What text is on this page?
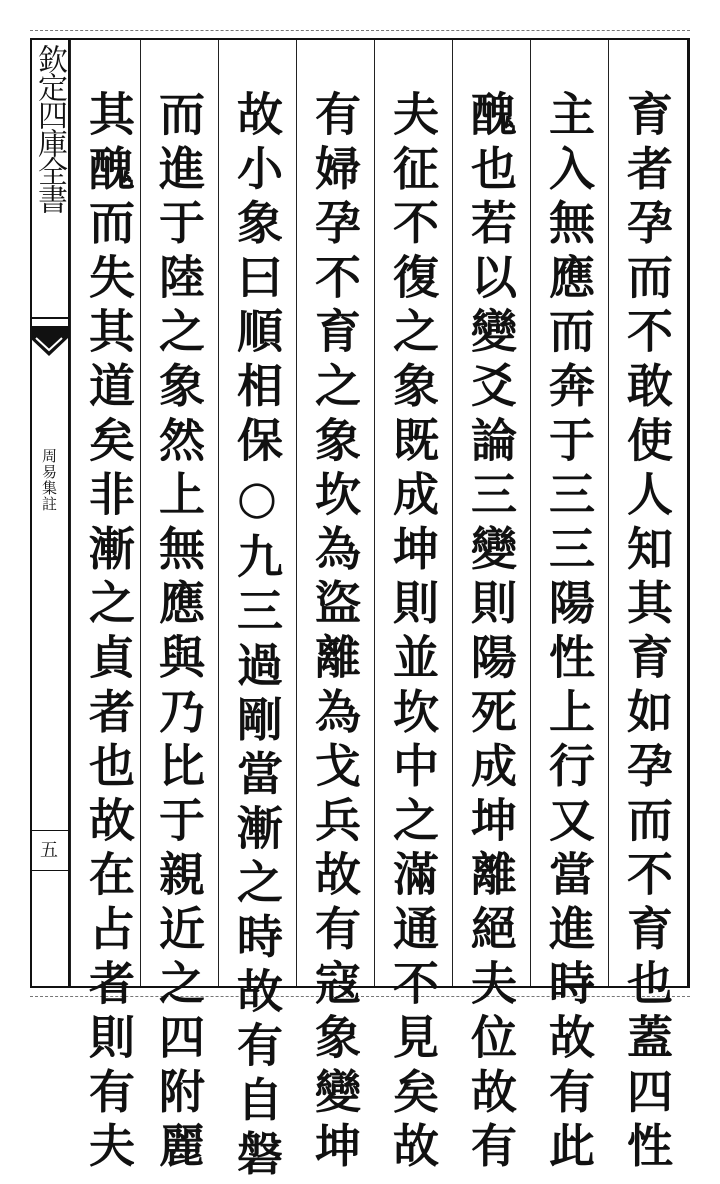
欽定四庫全書
周易集註
五	育者孕而不敢使人知其育如孕而不育也蓋四性
主入無應而奔于三三陽性上行又當進時故有此
醜也若以變爻論三變則陽死成坤離絕夫位故有
夫征不復之象既成坤則並坎中之滿通不見矣故
有婦孕不育之象坎為盜離為戈兵故有寇象變坤
故小象曰順相保○九三過剛當漸之時故有自磐
而進于陸之象然上無應與乃比于親近之四附麗
其醜而失其道矣非漸之貞者也故在占者則有夫
